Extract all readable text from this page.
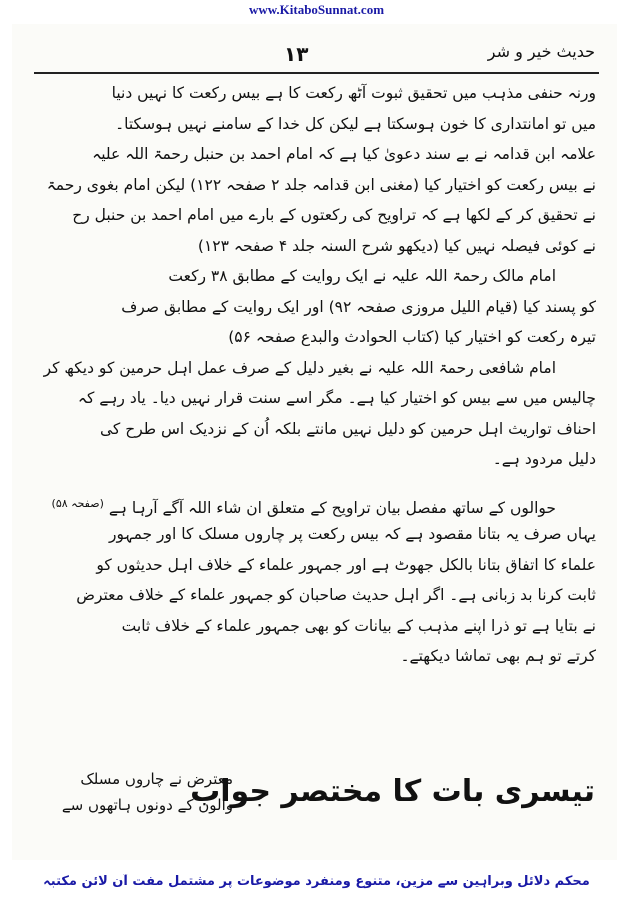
www.KitaboSunnat.com
حدیث خیر و شر
۱۳
ورنہ حنفی مذہب میں تحقیق ثبوت آٹھ رکعت کا ہے بیس رکعت کا نہیں دنیا
میں تو امانتداری کا خون ہوسکتا ہے لیکن کل خدا کے سامنے نہیں ہوسکتا۔
علامہ ابن قدامہ نے بے سند دعویٰ کیا ہے کہ امام احمد بن حنبل رحمۃ اللہ علیہ
نے بیس رکعت کو اختیار کیا (مغنی ابن قدامہ جلد ۲ صفحہ ۱۲۲) لیکن امام بغوی رحمۃ
نے تحقیق کر کے لکھا ہے کہ تراویح کی رکعتوں کے بارے میں امام احمد بن حنبل رح
نے کوئی فیصلہ نہیں کیا (دیکھو شرح السنہ جلد ۴ صفحہ ۱۲۳)
امام مالک رحمۃ اللہ علیہ نے ایک روایت کے مطابق ۳۸ رکعت
کو پسند کیا (قیام اللیل مروزی صفحہ ۹۲) اور ایک روایت کے مطابق صرف
تیرہ رکعت کو اختیار کیا (کتاب الحوادث والبدع صفحہ ۵۶)
امام شافعی رحمۃ اللہ علیہ نے بغیر دلیل کے صرف عمل اہل حرمین کو دیکھ کر
چالیس میں سے بیس کو اختیار کیا ہے۔ مگر اسے سنت قرار نہیں دیا۔ یاد رہے کہ
احناف تواریث اہل حرمین کو دلیل نہیں مانتے بلکہ اُن کے نزدیک اس طرح کی
دلیل مردود ہے۔
حوالوں کے ساتھ مفصل بیان تراویح کے متعلق ان شاء اللہ آگے آرہا ہے $^{(صفحہ ۵۸)}$
یہاں صرف یہ بتانا مقصود ہے کہ بیس رکعت پر چاروں مسلک کا اور جمہور
علماء کا اتفاق بتانا بالکل جھوٹ ہے اور جمہور علماء کے خلاف اہل حدیثوں کو
ثابت کرنا بد زبانی ہے۔ اگر اہل حدیث صاحبان کو جمہور علماء کے خلاف معترض
نے بتایا ہے تو ذرا اپنے مذہب کے بیانات کو بھی جمہور علماء کے خلاف ثابت
کرتے تو ہم بھی تماشا دیکھتے۔
تیسری بات کا مختصر جواب
معترض نے چاروں مسلک
والوں کے دونوں ہاتھوں سے
محکم دلائل وبراہین سے مزین، متنوع ومنفرد موضوعات پر مشتمل مفت آن لائن مکتبہ
